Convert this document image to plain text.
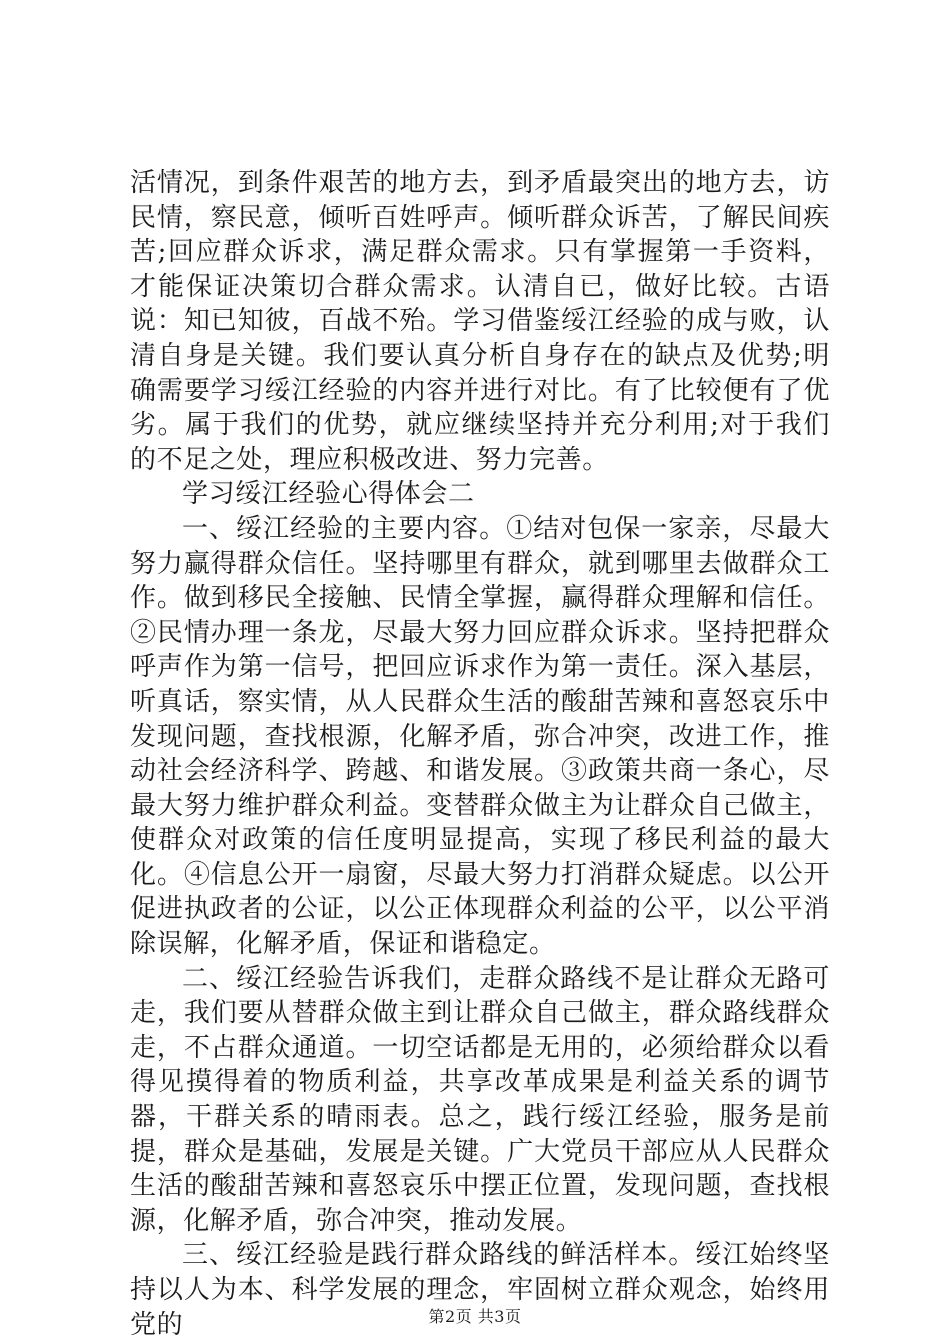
活情况，到条件艰苦的地方去，到矛盾最突出的地方去，访民情，察民意，倾听百姓呼声。倾听群众诉苦，了解民间疾苦;回应群众诉求，满足群众需求。只有掌握第一手资料，才能保证决策切合群众需求。认清自已，做好比较。古语说：知已知彼，百战不殆。学习借鉴绥江经验的成与败，认清自身是关键。我们要认真分析自身存在的缺点及优势;明确需要学习绥江经验的内容并进行对比。有了比较便有了优劣。属于我们的优势，就应继续坚持并充分利用;对于我们的不足之处，理应积极改进、努力完善。

学习绥江经验心得体会二

一、绥江经验的主要内容。①结对包保一家亲，尽最大努力赢得群众信任。坚持哪里有群众，就到哪里去做群众工作。做到移民全接触、民情全掌握，赢得群众理解和信任。②民情办理一条龙，尽最大努力回应群众诉求。坚持把群众呼声作为第一信号，把回应诉求作为第一责任。深入基层，听真话，察实情，从人民群众生活的酸甜苦辣和喜怒哀乐中发现问题，查找根源，化解矛盾，弥合冲突，改进工作，推动社会经济科学、跨越、和谐发展。③政策共商一条心，尽最大努力维护群众利益。变替群众做主为让群众自己做主，使群众对政策的信任度明显提高，实现了移民利益的最大化。④信息公开一扇窗，尽最大努力打消群众疑虑。以公开促进执政者的公证，以公正体现群众利益的公平，以公平消除误解，化解矛盾，保证和谐稳定。

二、绥江经验告诉我们，走群众路线不是让群众无路可走，我们要从替群众做主到让群众自己做主，群众路线群众走，不占群众通道。一切空话都是无用的，必须给群众以看得见摸得着的物质利益，共享改革成果是利益关系的调节器，干群关系的晴雨表。总之，践行绥江经验，服务是前提，群众是基础，发展是关键。广大党员干部应从人民群众生活的酸甜苦辣和喜怒哀乐中摆正位置，发现问题，查找根源，化解矛盾，弥合冲突，推动发展。

三、绥江经验是践行群众路线的鲜活样本。绥江始终坚持以人为本、科学发展的理念，牢固树立群众观念，始终用党的	第2页 共3页
